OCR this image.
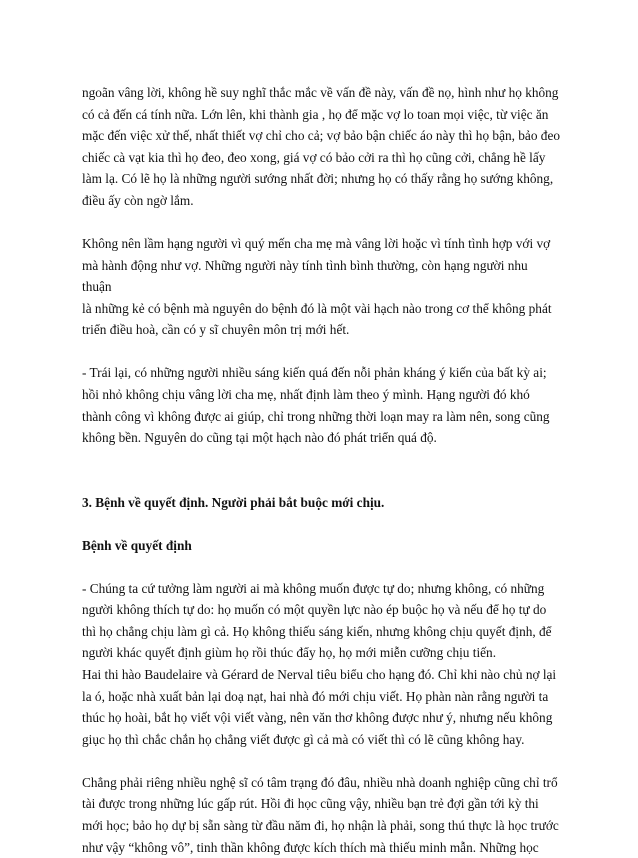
ngoãn vâng lời, không hề suy nghĩ thắc mắc về vấn đề này, vấn đề nọ, hình như họ không
có cả đến cá tính nữa. Lớn lên, khi thành gia , họ để mặc vợ lo toan mọi việc, từ việc ăn
mặc đến việc xử thế, nhất thiết vợ chỉ cho cả; vợ bảo bận chiếc áo này thì họ bận, bảo đeo
chiếc cà vạt kia thì họ đeo, đeo xong, giá vợ có bảo cởi ra thì họ cũng cởi, chẳng hề lấy
làm lạ. Có lẽ họ là những người sướng nhất đời; nhưng họ có thấy rằng họ sướng không,
điều ấy còn ngờ lắm.

Không nên lầm hạng người vì quý mến cha mẹ mà vâng lời hoặc vì tính tình hợp với vợ
mà hành động như vợ. Những người này tính tình bình thường, còn hạng người nhu thuận
là những kẻ có bệnh mà nguyên do bệnh đó là một vài hạch nào trong cơ thể không phát
triển điều hoà, cần có y sĩ chuyên môn trị mới hết.

- Trái lại, có những người nhiều sáng kiến quá đến nỗi phản kháng ý kiến của bất kỳ ai;
hồi nhỏ không chịu vâng lời cha mẹ, nhất định làm theo ý mình. Hạng người đó khó
thành công vì không được ai giúp, chỉ trong những thời loạn may ra làm nên, song cũng
không bền. Nguyên do cũng tại một hạch nào đó phát triển quá độ.

3. Bệnh về quyết định. Người phải bắt buộc mới chịu.
Bệnh về quyết định

- Chúng ta cứ tưởng làm người ai mà không muốn được tự do; nhưng không, có những
người không thích tự do: họ muốn có một quyền lực nào ép buộc họ và nếu để họ tự do
thì họ chẳng chịu làm gì cả. Họ không thiếu sáng kiến, nhưng không chịu quyết định, để
người khác quyết định giùm họ rồi thúc đẩy họ, họ mới miễn cưỡng chịu tiến.
Hai thi hào Baudelaire và Gérard de Nerval tiêu biểu cho hạng đó. Chỉ khi nào chủ nợ lại
la ó, hoặc nhà xuất bản lại doạ nạt, hai nhà đó mới chịu viết. Họ phàn nàn rằng người ta
thúc họ hoài, bắt họ viết vội viết vàng, nên văn thơ không được như ý, nhưng nếu không
giục họ thì chắc chắn họ chẳng viết được gì cả mà có viết thì có lẽ cũng không hay.

Chẳng phải riêng nhiều nghệ sĩ có tâm trạng đó đâu, nhiều nhà doanh nghiệp cũng chỉ trổ
tài được trong những lúc gấp rút. Hồi đi học cũng vậy, nhiều bạn trẻ đợi gần tới kỳ thi
mới học; bảo họ dự bị sẵn sàng từ đầu năm đi, họ nhận là phải, song thú thực là học trước
như vậy “không vô”, tinh thần không được kích thích mà thiếu minh mẫn. Những học
